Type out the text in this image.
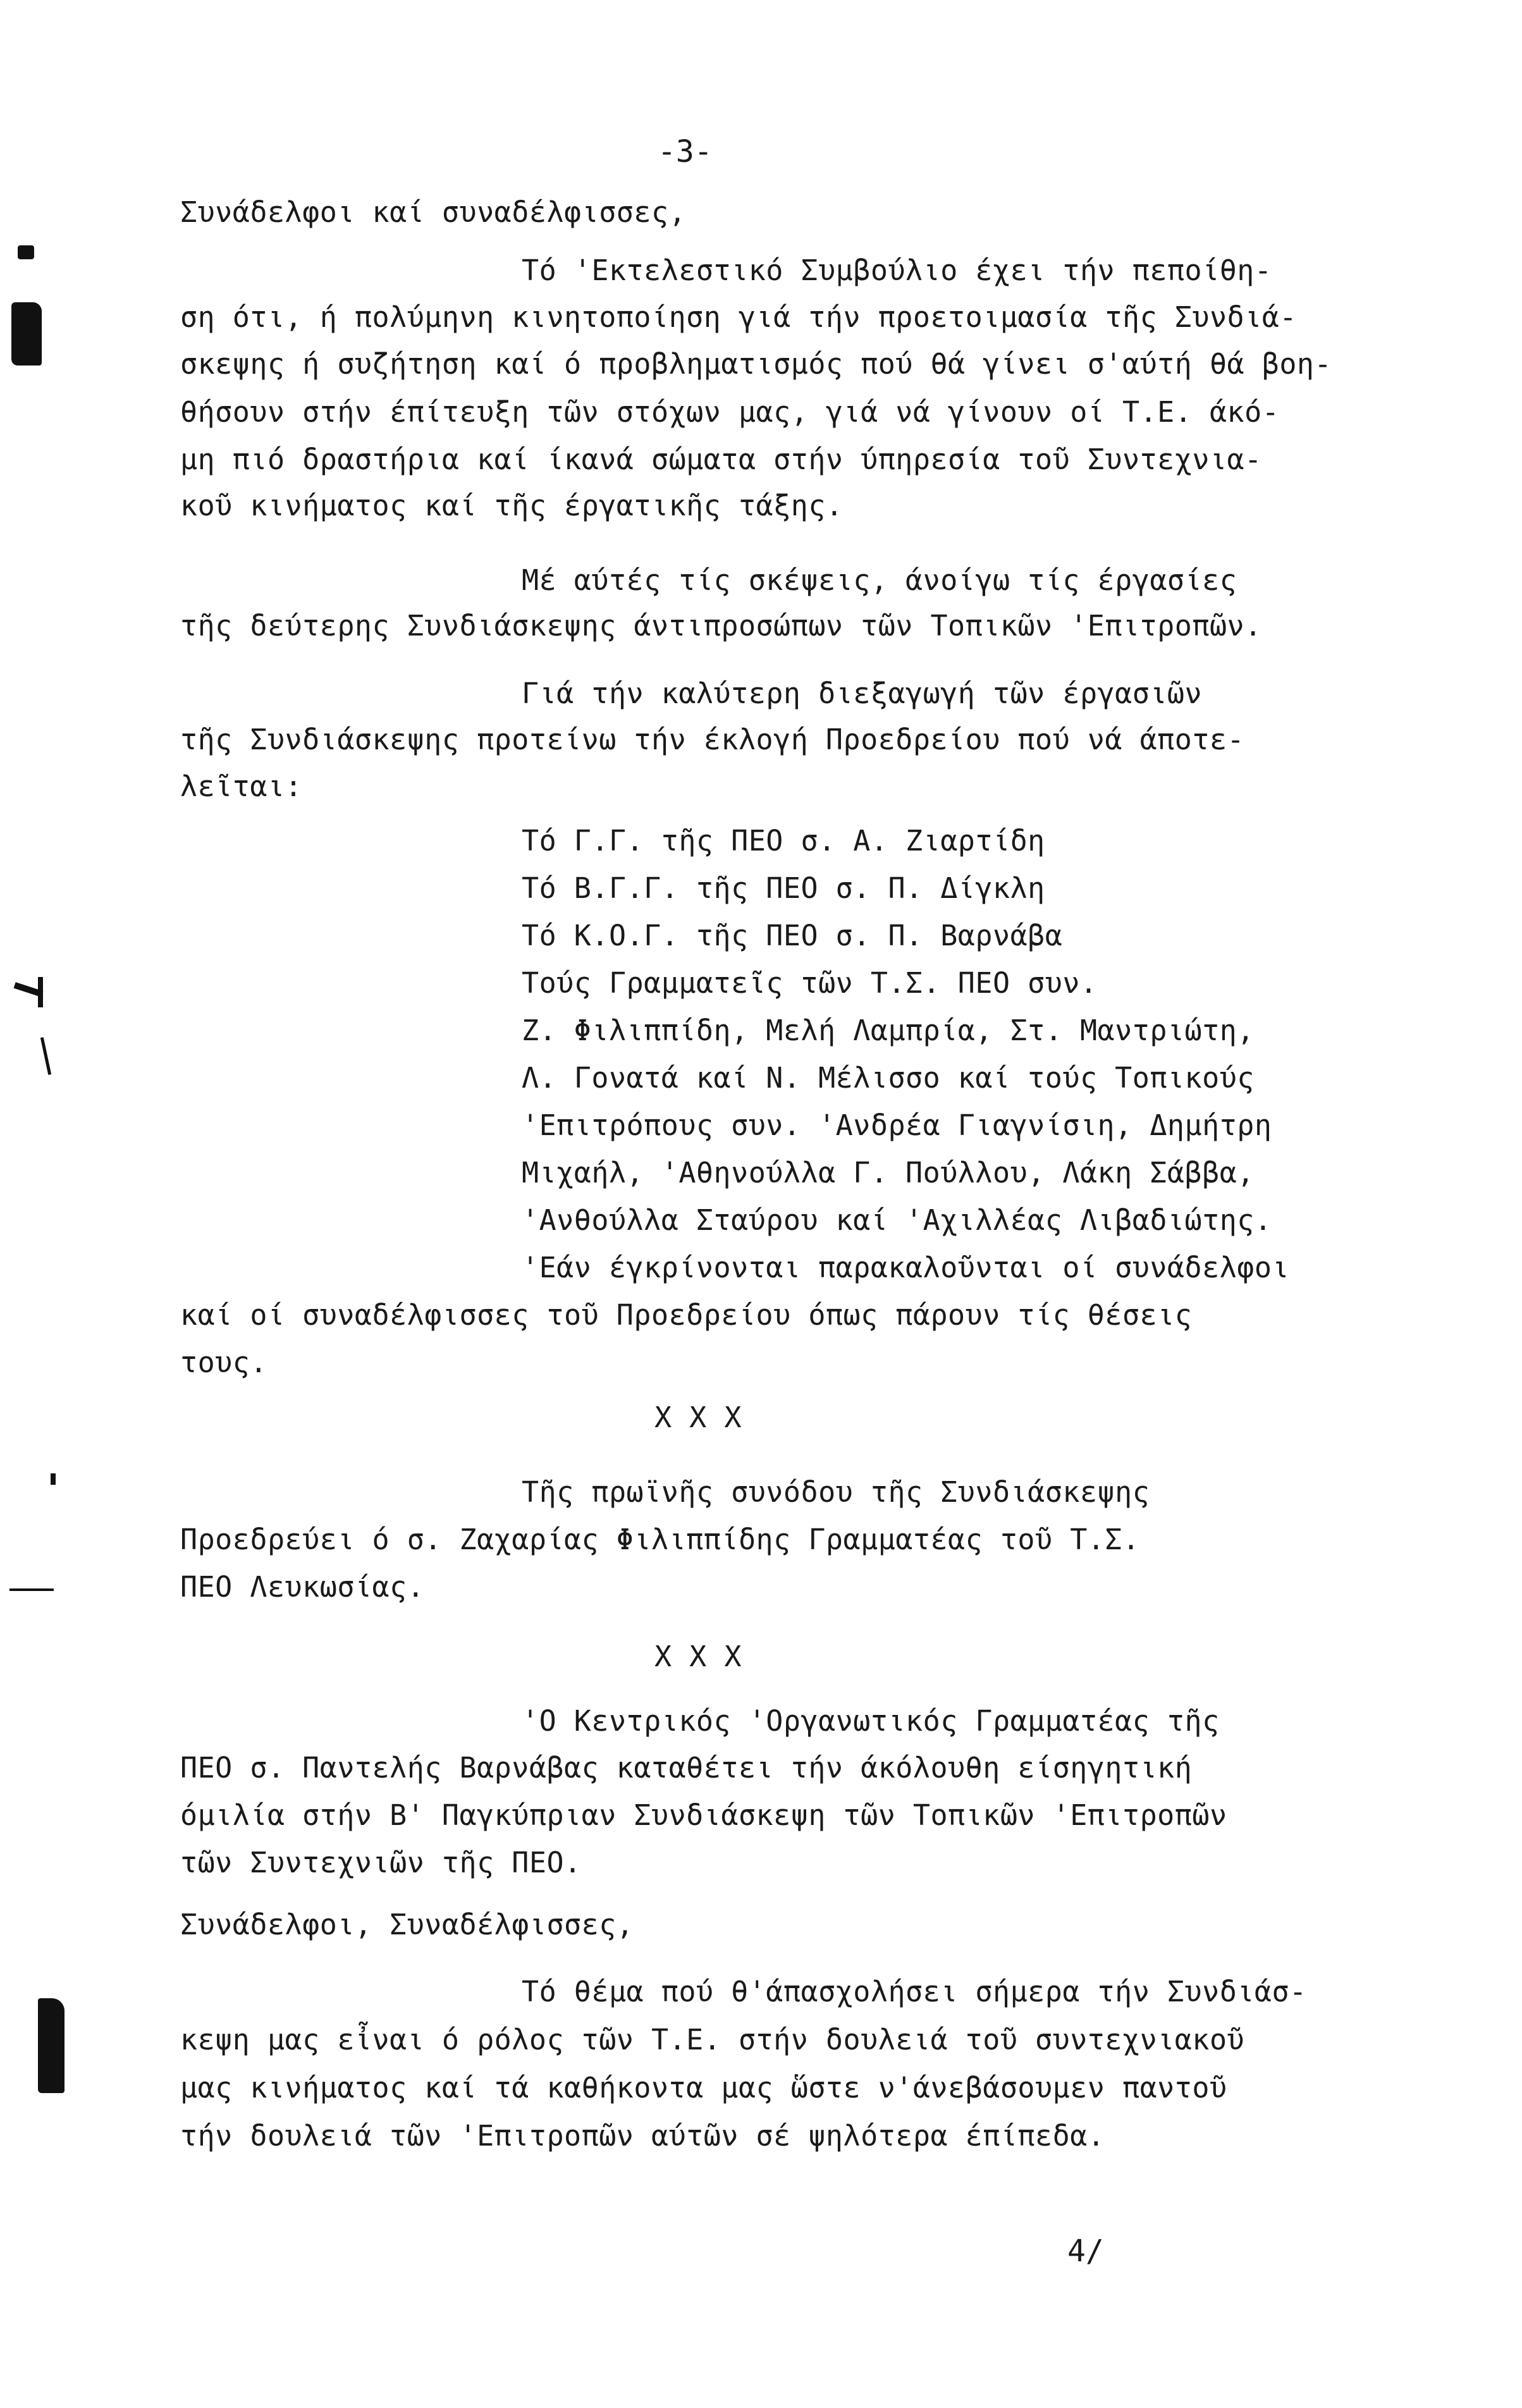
-3-
Συνάδελφοι καί συναδέλφισσες,
Τό 'Εκτελεστικό Συμβούλιο έχει τήν πεποίθη-
ση ότι, ή πολύμηνη κινητοποίηση γιά τήν προετοιμασία τῆς Συνδιά-
σκεψης ή συζήτηση καί ό προβληματισμός πού θά γίνει σ'αύτή θά βοη-
θήσουν στήν έπίτευξη τῶν στόχων μας, γιά νά γίνουν οί Τ.Ε. άκό-
μη πιό δραστήρια καί ίκανά σώματα στήν ύπηρεσία τοῦ Συντεχνια-
κοῦ κινήματος καί τῆς έργατικῆς τάξης.
Μέ αύτές τίς σκέψεις, άνοίγω τίς έργασίες
τῆς δεύτερης Συνδιάσκεψης άντιπροσώπων τῶν Τοπικῶν 'Επιτροπῶν.
Γιά τήν καλύτερη διεξαγωγή τῶν έργασιῶν
τῆς Συνδιάσκεψης προτείνω τήν έκλογή Προεδρείου πού νά άποτε-
λεῖται:
Τό Γ.Γ. τῆς ΠΕΟ σ. Α. Ζιαρτίδη
Τό Β.Γ.Γ. τῆς ΠΕΟ σ. Π. Δίγκλη
Τό Κ.Ο.Γ. τῆς ΠΕΟ σ. Π. Βαρνάβα
Τούς Γραμματεῖς τῶν Τ.Σ. ΠΕΟ συν.
Ζ. Φιλιππίδη, Μελή Λαμπρία, Στ. Μαντριώτη,
Λ. Γονατά καί Ν. Μέλισσο καί τούς Τοπικούς
'Επιτρόπους συν. 'Ανδρέα Γιαγνίσιη, Δημήτρη
Μιχαήλ, 'Αθηνούλλα Γ. Πούλλου, Λάκη Σάββα,
'Ανθούλλα Σταύρου καί 'Αχιλλέας Λιβαδιώτης.
'Εάν έγκρίνονται παρακαλοῦνται οί συνάδελφοι
καί οί συναδέλφισσες τοῦ Προεδρείου όπως πάρουν τίς θέσεις
τους.
Χ Χ Χ
Τῆς πρωϊνῆς συνόδου τῆς Συνδιάσκεψης
Προεδρεύει ό σ. Ζαχαρίας Φιλιππίδης Γραμματέας τοῦ Τ.Σ.
ΠΕΟ Λευκωσίας.
Χ Χ Χ
'Ο Κεντρικός 'Οργανωτικός Γραμματέας τῆς
ΠΕΟ σ. Παντελής Βαρνάβας καταθέτει τήν άκόλουθη είσηγητική
όμιλία στήν Β' Παγκύπριαν Συνδιάσκεψη τῶν Τοπικῶν 'Επιτροπῶν
τῶν Συντεχνιῶν τῆς ΠΕΟ.
Συνάδελφοι, Συναδέλφισσες,
Τό θέμα πού θ'άπασχολήσει σήμερα τήν Συνδιάσ-
κεψη μας εἶναι ό ρόλος τῶν Τ.Ε. στήν δουλειά τοῦ συντεχνιακοῦ
μας κινήματος καί τά καθήκοντα μας ὥστε ν'άνεβάσουμεν παντοῦ
τήν δουλειά τῶν 'Επιτροπῶν αύτῶν σέ ψηλότερα έπίπεδα.
4/
